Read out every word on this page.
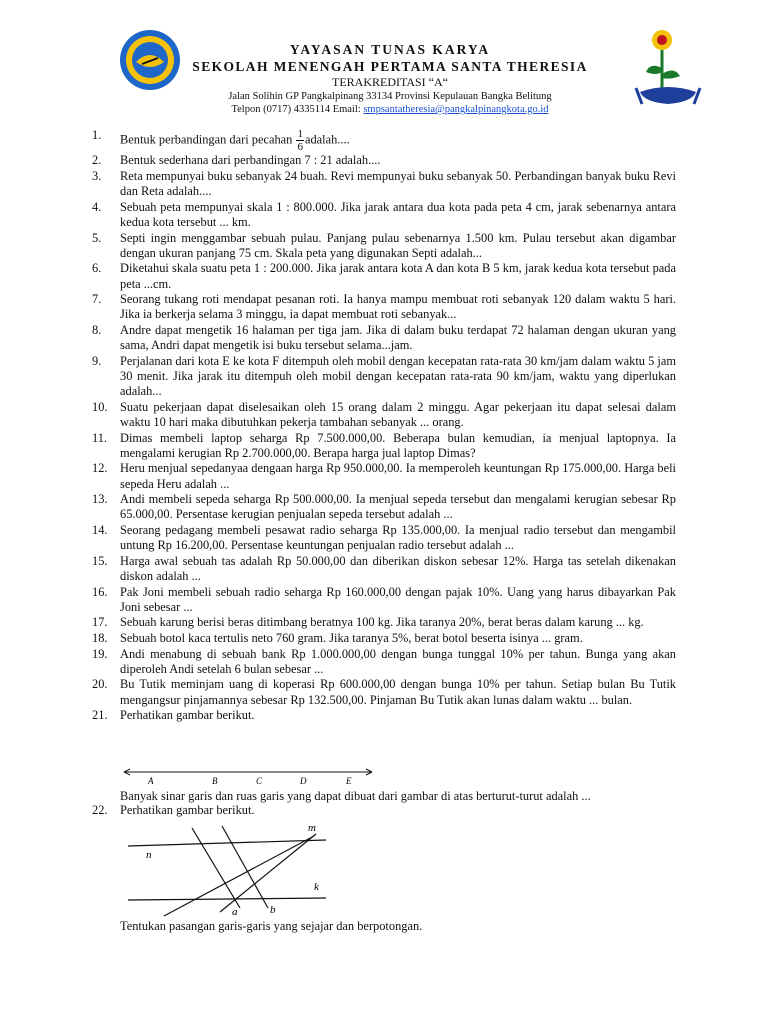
YAYASAN TUNAS KARYA
SEKOLAH MENENGAH PERTAMA SANTA THERESIA
TERAKREDITASI “A“
Jalan Solihin GP Pangkalpinang 33134 Provinsi Kepulauan Bangka Belitung
Telpon (0717) 4335114 Email: smpsantatheresia@pangkalpinangkota.go.id
1.	Bentuk perbandingan dari pecahan $\frac{1}{6}$ adalah....
2.	Bentuk sederhana dari perbandingan 7 : 21 adalah....
3.	Reta mempunyai buku sebanyak 24 buah. Revi mempunyai buku sebanyak 50. Perbandingan banyak buku Revi dan Reta adalah....
4.	Sebuah peta mempunyai skala 1 : 800.000. Jika jarak antara dua kota pada peta 4 cm, jarak sebenarnya antara kedua kota tersebut ... km.
5.	Septi ingin menggambar sebuah pulau. Panjang pulau sebenarnya 1.500 km. Pulau tersebut akan digambar dengan ukuran panjang 75 cm. Skala peta yang digunakan Septi adalah...
6.	Diketahui skala suatu peta 1 : 200.000. Jika jarak antara kota A dan kota B 5 km, jarak kedua kota tersebut pada peta ...cm.
7.	Seorang tukang roti mendapat pesanan roti. Ia hanya mampu membuat roti sebanyak 120 dalam waktu 5 hari. Jika ia berkerja selama 3 minggu, ia dapat membuat roti sebanyak...
8.	Andre dapat mengetik 16 halaman per tiga jam. Jika di dalam buku terdapat 72 halaman dengan ukuran yang sama, Andri dapat mengetik isi buku tersebut selama...jam.
9.	Perjalanan dari kota E ke kota F ditempuh oleh mobil dengan kecepatan rata-rata 30 km/jam dalam waktu 5 jam 30 menit. Jika jarak itu ditempuh oleh mobil dengan kecepatan rata-rata 90 km/jam, waktu yang diperlukan adalah...
10.	Suatu pekerjaan dapat diselesaikan oleh 15 orang dalam 2 minggu. Agar pekerjaan itu dapat selesai dalam waktu 10 hari maka dibutuhkan pekerja tambahan sebanyak ... orang.
11.	Dimas membeli laptop seharga Rp 7.500.000,00. Beberapa bulan kemudian, ia menjual laptopnya. Ia mengalami kerugian Rp 2.700.000,00. Berapa harga jual laptop Dimas?
12.	Heru menjual sepedanyaa dengaan harga Rp 950.000,00. Ia memperoleh keuntungan Rp 175.000,00. Harga beli sepeda Heru adalah ...
13.	Andi membeli sepeda seharga Rp 500.000,00. Ia menjual sepeda tersebut dan mengalami kerugian sebesar Rp 65.000,00. Persentase kerugian penjualan sepeda tersebut adalah ...
14.	Seorang pedagang membeli pesawat radio seharga Rp 135.000,00. Ia menjual radio tersebut dan mengambil untung Rp 16.200,00. Persentase keuntungan penjualan radio tersebut adalah ...
15.	Harga awal sebuah tas adalah Rp 50.000,00 dan diberikan diskon sebesar 12%. Harga tas setelah dikenakan diskon adalah ...
16.	Pak Joni membeli sebuah radio seharga Rp 160.000,00 dengan pajak 10%. Uang yang harus dibayarkan Pak Joni sebesar ...
17.	Sebuah karung berisi beras ditimbang beratnya 100 kg. Jika taranya 20%, berat beras dalam karung ... kg.
18.	Sebuah botol kaca tertulis neto 760 gram. Jika taranya 5%, berat botol beserta isinya ... gram.
19.	Andi menabung di sebuah bank Rp 1.000.000,00 dengan bunga tunggal 10% per tahun. Bunga yang akan diperoleh Andi setelah 6 bulan sebesar ...
20.	Bu Tutik meminjam uang di koperasi Rp 600.000,00 dengan bunga 10% per tahun. Setiap bulan Bu Tutik mengangsur pinjamannya sebesar Rp 132.500,00. Pinjaman Bu Tutik akan lunas dalam waktu ... bulan.
21.	Perhatikan gambar berikut.
A	B	C	D	E
Banyak sinar garis dan ruas garis yang dapat dibuat dari gambar di atas berturut-turut adalah ...
22.	Perhatikan gambar berikut.
m
n
k
a	b
Tentukan pasangan garis-garis yang sejajar dan berpotongan.
